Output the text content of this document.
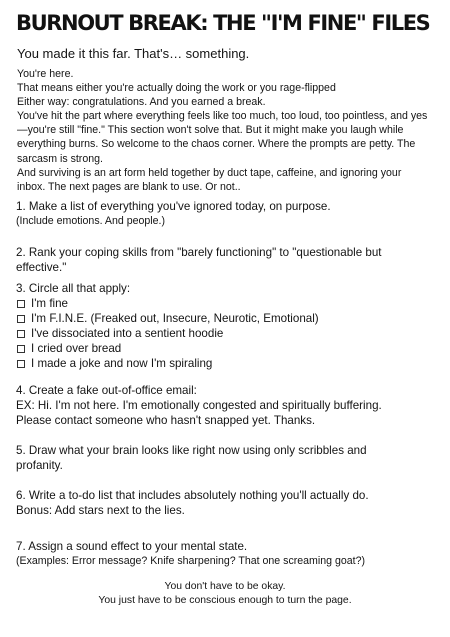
BURNOUT BREAK: THE "I'M FINE" FILES
You made it this far. That's… something.
You're here.
That means either you're actually doing the work or you rage-flipped
Either way: congratulations. And you earned a break.
You've hit the part where everything feels like too much, too loud, too pointless, and yes
—you're still "fine." This section won't solve that. But it might make you laugh while
everything burns. So welcome to the chaos corner. Where the prompts are petty. The
sarcasm is strong.
And surviving is an art form held together by duct tape, caffeine, and ignoring your
inbox. The next pages are blank to use. Or not..
1. Make a list of everything you've ignored today, on purpose.
(Include emotions. And people.)
2. Rank your coping skills from "barely functioning" to "questionable but
effective."
3. Circle all that apply:
I'm fine
I'm F.I.N.E. (Freaked out, Insecure, Neurotic, Emotional)
I've dissociated into a sentient hoodie
I cried over bread
I made a joke and now I'm spiraling
4. Create a fake out-of-office email:
EX: Hi. I'm not here. I'm emotionally congested and spiritually buffering.
Please contact someone who hasn't snapped yet. Thanks.
5. Draw what your brain looks like right now using only scribbles and
profanity.
6. Write a to-do list that includes absolutely nothing you'll actually do.
Bonus: Add stars next to the lies.
7. Assign a sound effect to your mental state.
(Examples: Error message? Knife sharpening? That one screaming goat?)
You don't have to be okay.
You just have to be conscious enough to turn the page.
